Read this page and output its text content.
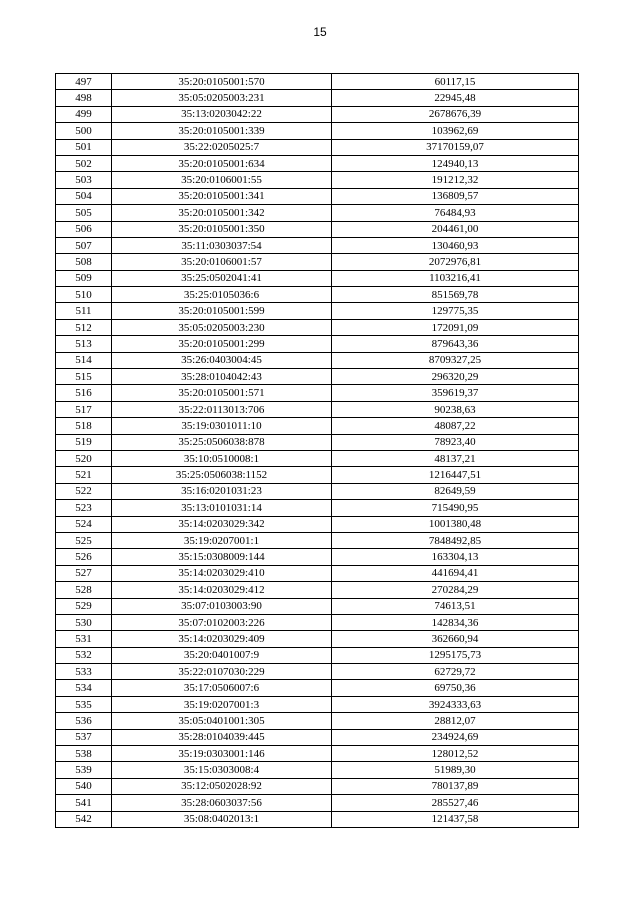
15
497	35:20:0105001:570	60117,15
498	35:05:0205003:231	22945,48
499	35:13:0203042:22	2678676,39
500	35:20:0105001:339	103962,69
501	35:22:0205025:7	37170159,07
502	35:20:0105001:634	124940,13
503	35:20:0106001:55	191212,32
504	35:20:0105001:341	136809,57
505	35:20:0105001:342	76484,93
506	35:20:0105001:350	204461,00
507	35:11:0303037:54	130460,93
508	35:20:0106001:57	2072976,81
509	35:25:0502041:41	1103216,41
510	35:25:0105036:6	851569,78
511	35:20:0105001:599	129775,35
512	35:05:0205003:230	172091,09
513	35:20:0105001:299	879643,36
514	35:26:0403004:45	8709327,25
515	35:28:0104042:43	296320,29
516	35:20:0105001:571	359619,37
517	35:22:0113013:706	90238,63
518	35:19:0301011:10	48087,22
519	35:25:0506038:878	78923,40
520	35:10:0510008:1	48137,21
521	35:25:0506038:1152	1216447,51
522	35:16:0201031:23	82649,59
523	35:13:0101031:14	715490,95
524	35:14:0203029:342	1001380,48
525	35:19:0207001:1	7848492,85
526	35:15:0308009:144	163304,13
527	35:14:0203029:410	441694,41
528	35:14:0203029:412	270284,29
529	35:07:0103003:90	74613,51
530	35:07:0102003:226	142834,36
531	35:14:0203029:409	362660,94
532	35:20:0401007:9	1295175,73
533	35:22:0107030:229	62729,72
534	35:17:0506007:6	69750,36
535	35:19:0207001:3	3924333,63
536	35:05:0401001:305	28812,07
537	35:28:0104039:445	234924,69
538	35:19:0303001:146	128012,52
539	35:15:0303008:4	51989,30
540	35:12:0502028:92	780137,89
541	35:28:0603037:56	285527,46
542	35:08:0402013:1	121437,58
